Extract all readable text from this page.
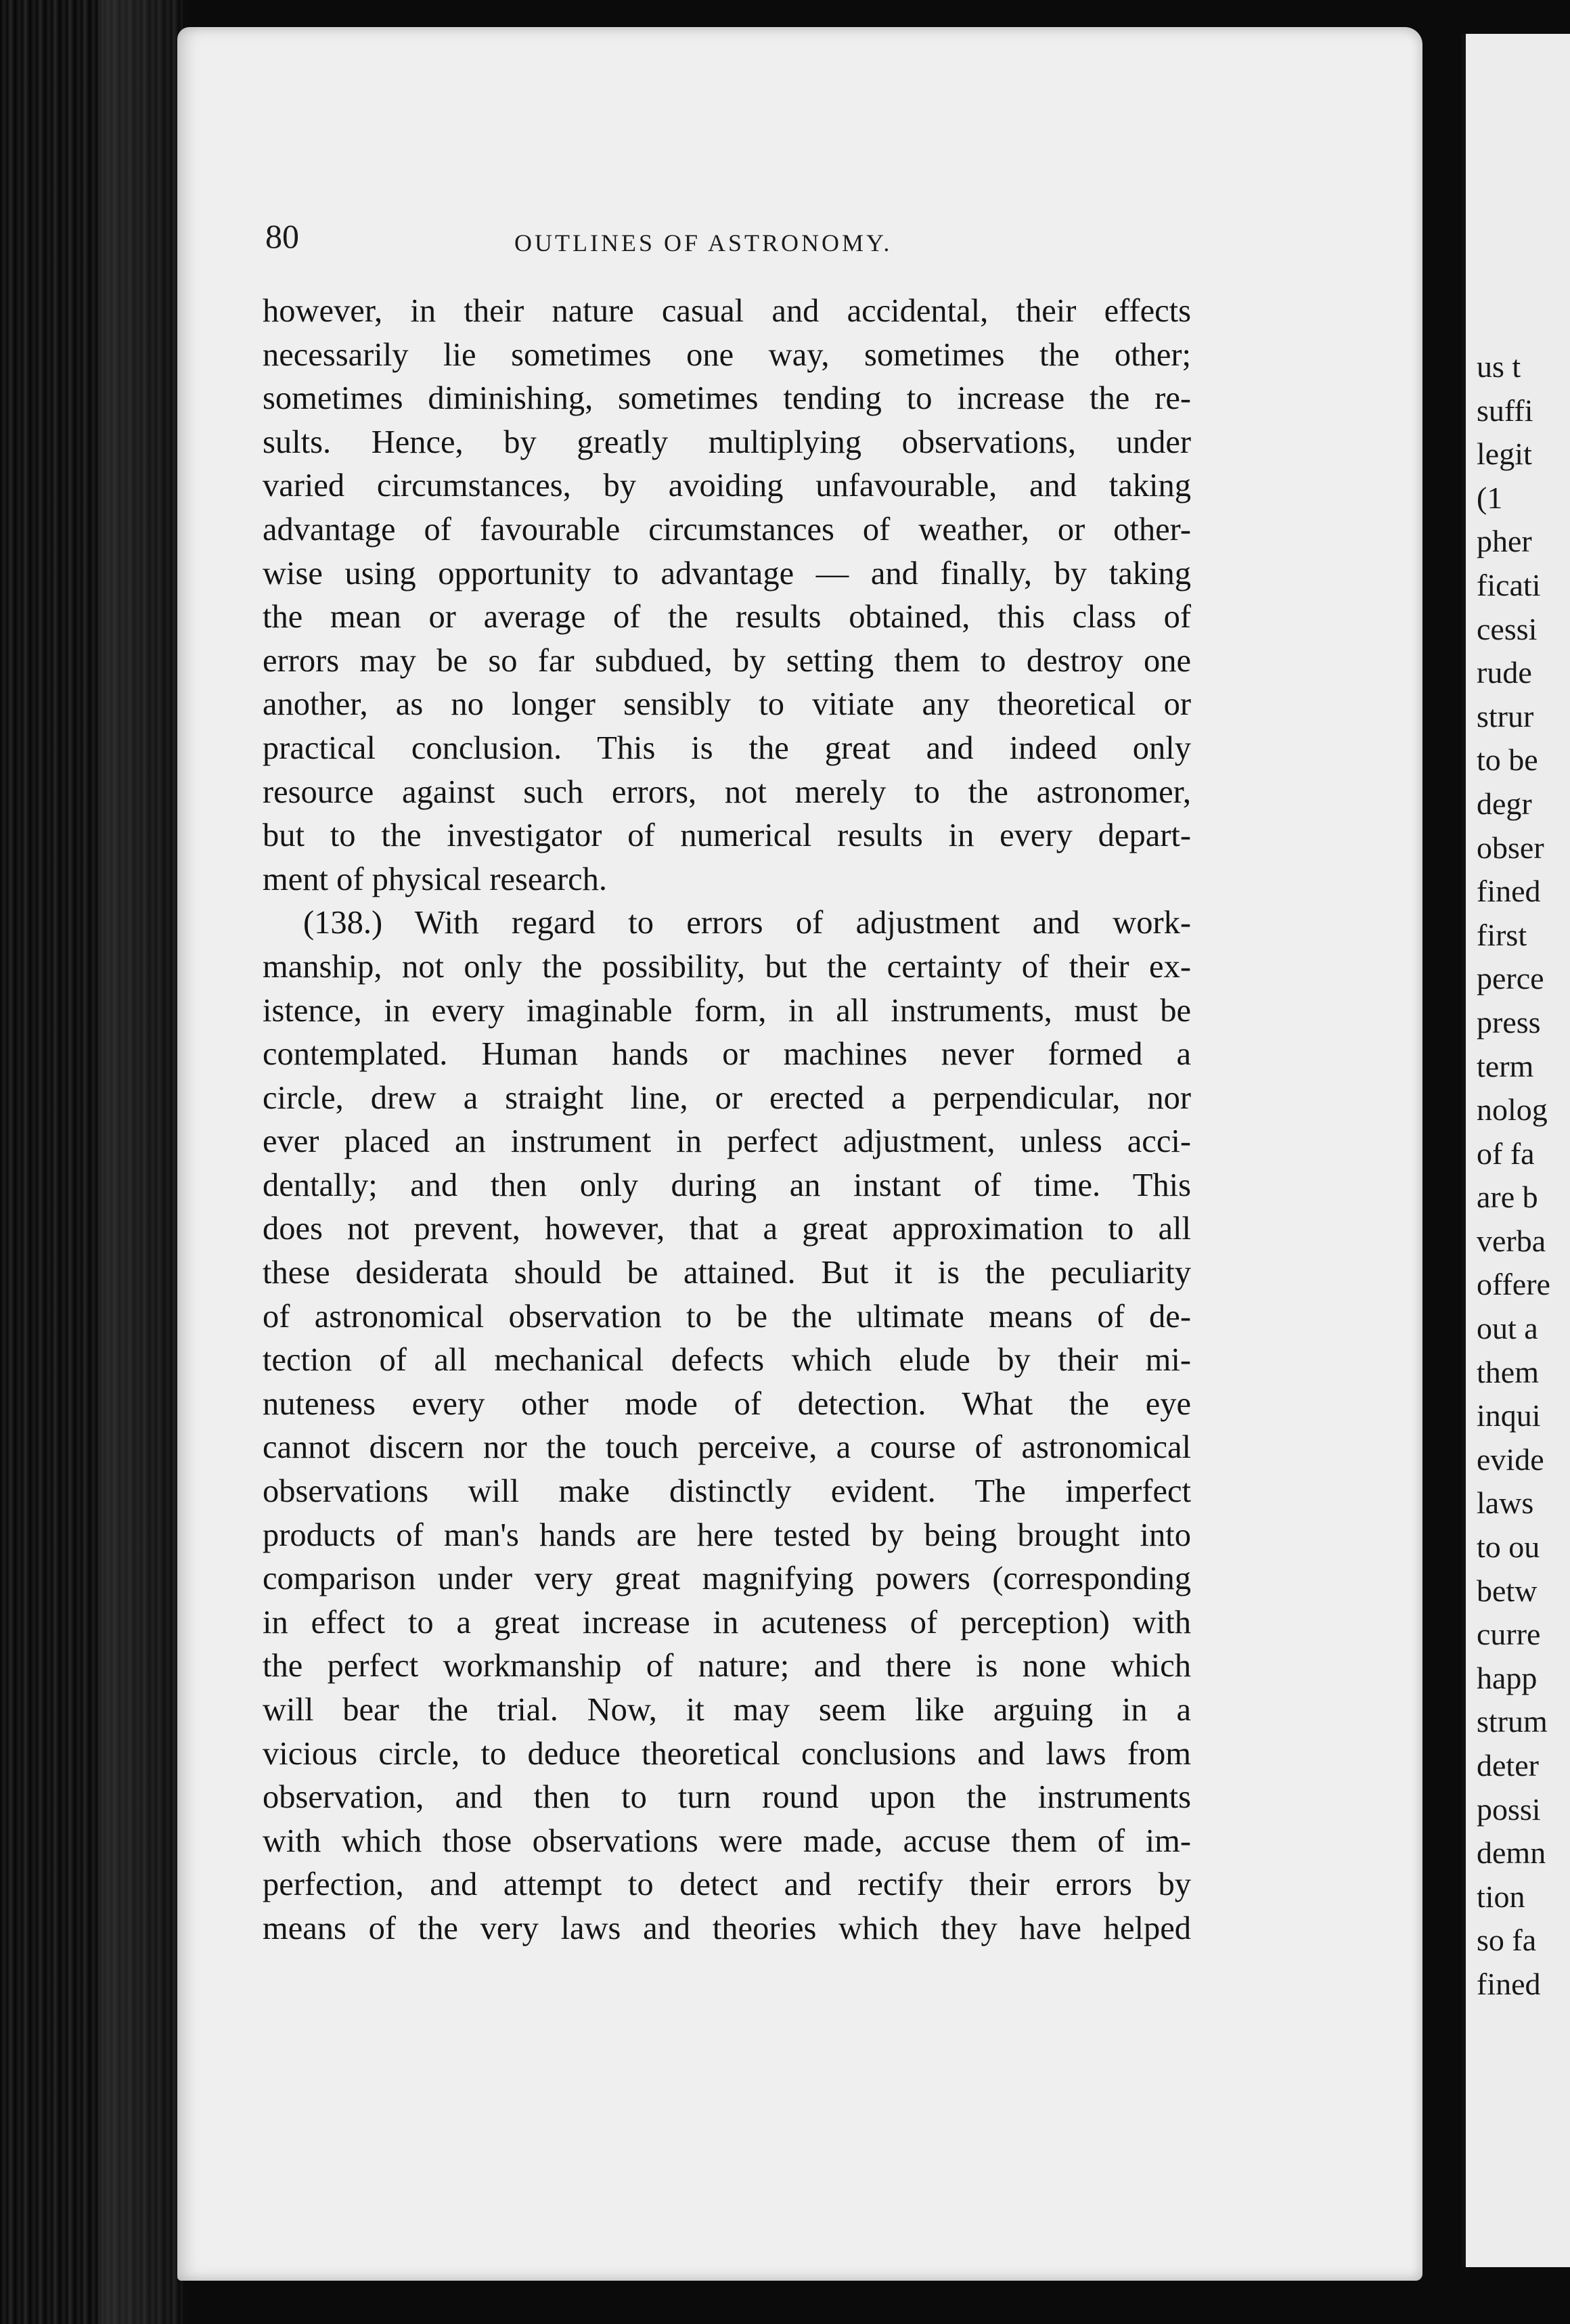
80	OUTLINES OF ASTRONOMY.
however, in their nature casual and accidental, their effects
necessarily lie sometimes one way, sometimes the other;
sometimes diminishing, sometimes tending to increase the re-
sults. Hence, by greatly multiplying observations, under
varied circumstances, by avoiding unfavourable, and taking
advantage of favourable circumstances of weather, or other-
wise using opportunity to advantage — and finally, by taking
the mean or average of the results obtained, this class of
errors may be so far subdued, by setting them to destroy one
another, as no longer sensibly to vitiate any theoretical or
practical conclusion. This is the great and indeed only
resource against such errors, not merely to the astronomer,
but to the investigator of numerical results in every depart-
ment of physical research.
(138.) With regard to errors of adjustment and work-
manship, not only the possibility, but the certainty of their ex-
istence, in every imaginable form, in all instruments, must be
contemplated. Human hands or machines never formed a
circle, drew a straight line, or erected a perpendicular, nor
ever placed an instrument in perfect adjustment, unless acci-
dentally; and then only during an instant of time. This
does not prevent, however, that a great approximation to all
these desiderata should be attained. But it is the peculiarity
of astronomical observation to be the ultimate means of de-
tection of all mechanical defects which elude by their mi-
nuteness every other mode of detection. What the eye
cannot discern nor the touch perceive, a course of astronomical
observations will make distinctly evident. The imperfect
products of man's hands are here tested by being brought into
comparison under very great magnifying powers (corresponding
in effect to a great increase in acuteness of perception) with
the perfect workmanship of nature; and there is none which
will bear the trial. Now, it may seem like arguing in a
vicious circle, to deduce theoretical conclusions and laws from
observation, and then to turn round upon the instruments
with which those observations were made, accuse them of im-
perfection, and attempt to detect and rectify their errors by
means of the very laws and theories which they have helped
us t
suffi
legit
(1
pher
ficati
cessi
rude
strur
to be
degr
obser
fined
first
perce
press
term
nolog
of fa
are b
verba
offere
out a
them
inqui
evide
laws
to ou
betw
curre
happ
strum
deter
possi
demn
tion
so fa
fined
